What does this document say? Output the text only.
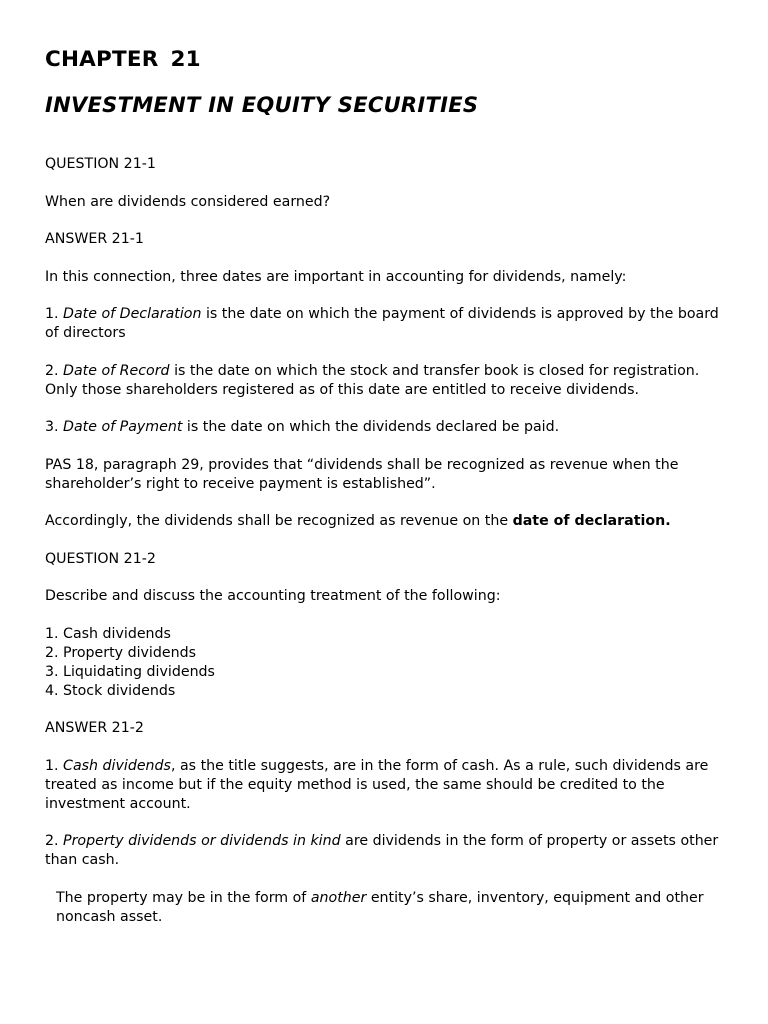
CHAPTER 21
INVESTMENT IN EQUITY SECURITIES

QUESTION 21-1

When are dividends considered earned?

ANSWER 21-1

In this connection, three dates are important in accounting for dividends, namely:

1. Date of Declaration is the date on which the payment of dividends is approved by the board of directors

2. Date of Record is the date on which the stock and transfer book is closed for registration. Only those shareholders registered as of this date are entitled to receive dividends.

3. Date of Payment is the date on which the dividends declared be paid.

PAS 18, paragraph 29, provides that “dividends shall be recognized as revenue when the shareholder’s right to receive payment is established”.

Accordingly, the dividends shall be recognized as revenue on the date of declaration.

QUESTION 21-2

Describe and discuss the accounting treatment of the following:

1. Cash dividends
2. Property dividends
3. Liquidating dividends
4. Stock dividends

ANSWER 21-2

1. Cash dividends, as the title suggests, are in the form of cash. As a rule, such dividends are treated as income but if the equity method is used, the same should be credited to the investment account.

2. Property dividends or dividends in kind are dividends in the form of property or assets other than cash.

The property may be in the form of another entity’s share, inventory, equipment and other noncash asset.
